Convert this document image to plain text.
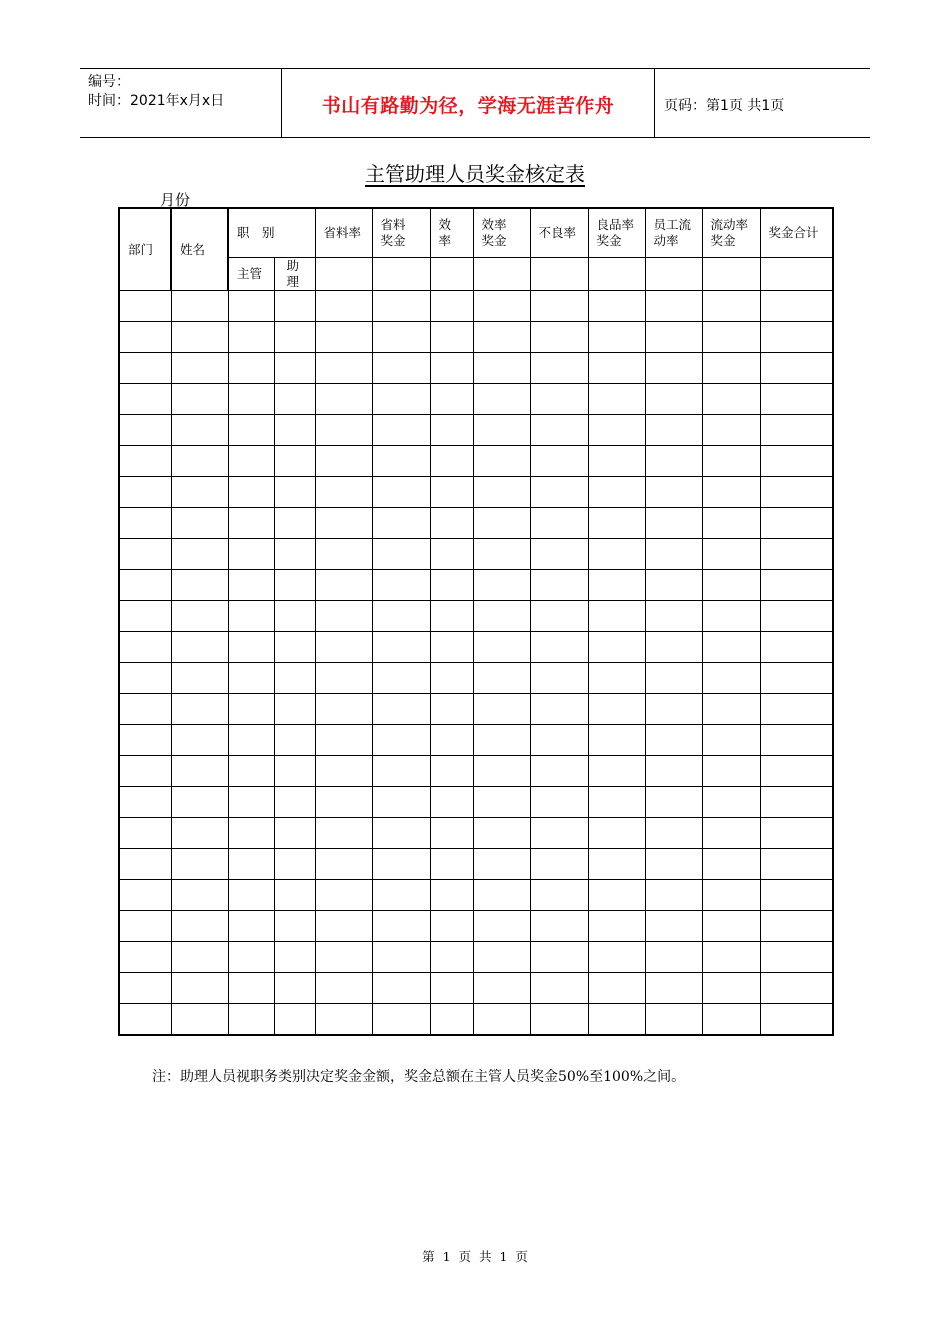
编号：
时间：2021年x月x日	书山有路勤为径，学海无涯苦作舟	页码：第1页 共1页
主管助理人员奖金核定表
月份
部门	姓名	职　别		省料率	省料奖金	效率	效率奖金	不良率	良品率奖金	员工流动率	流动率奖金	奖金合计
		主管	助理									

注：助理人员视职务类别决定奖金金额，奖金总额在主管人员奖金50%至100%之间。
第 1 页 共 1 页
